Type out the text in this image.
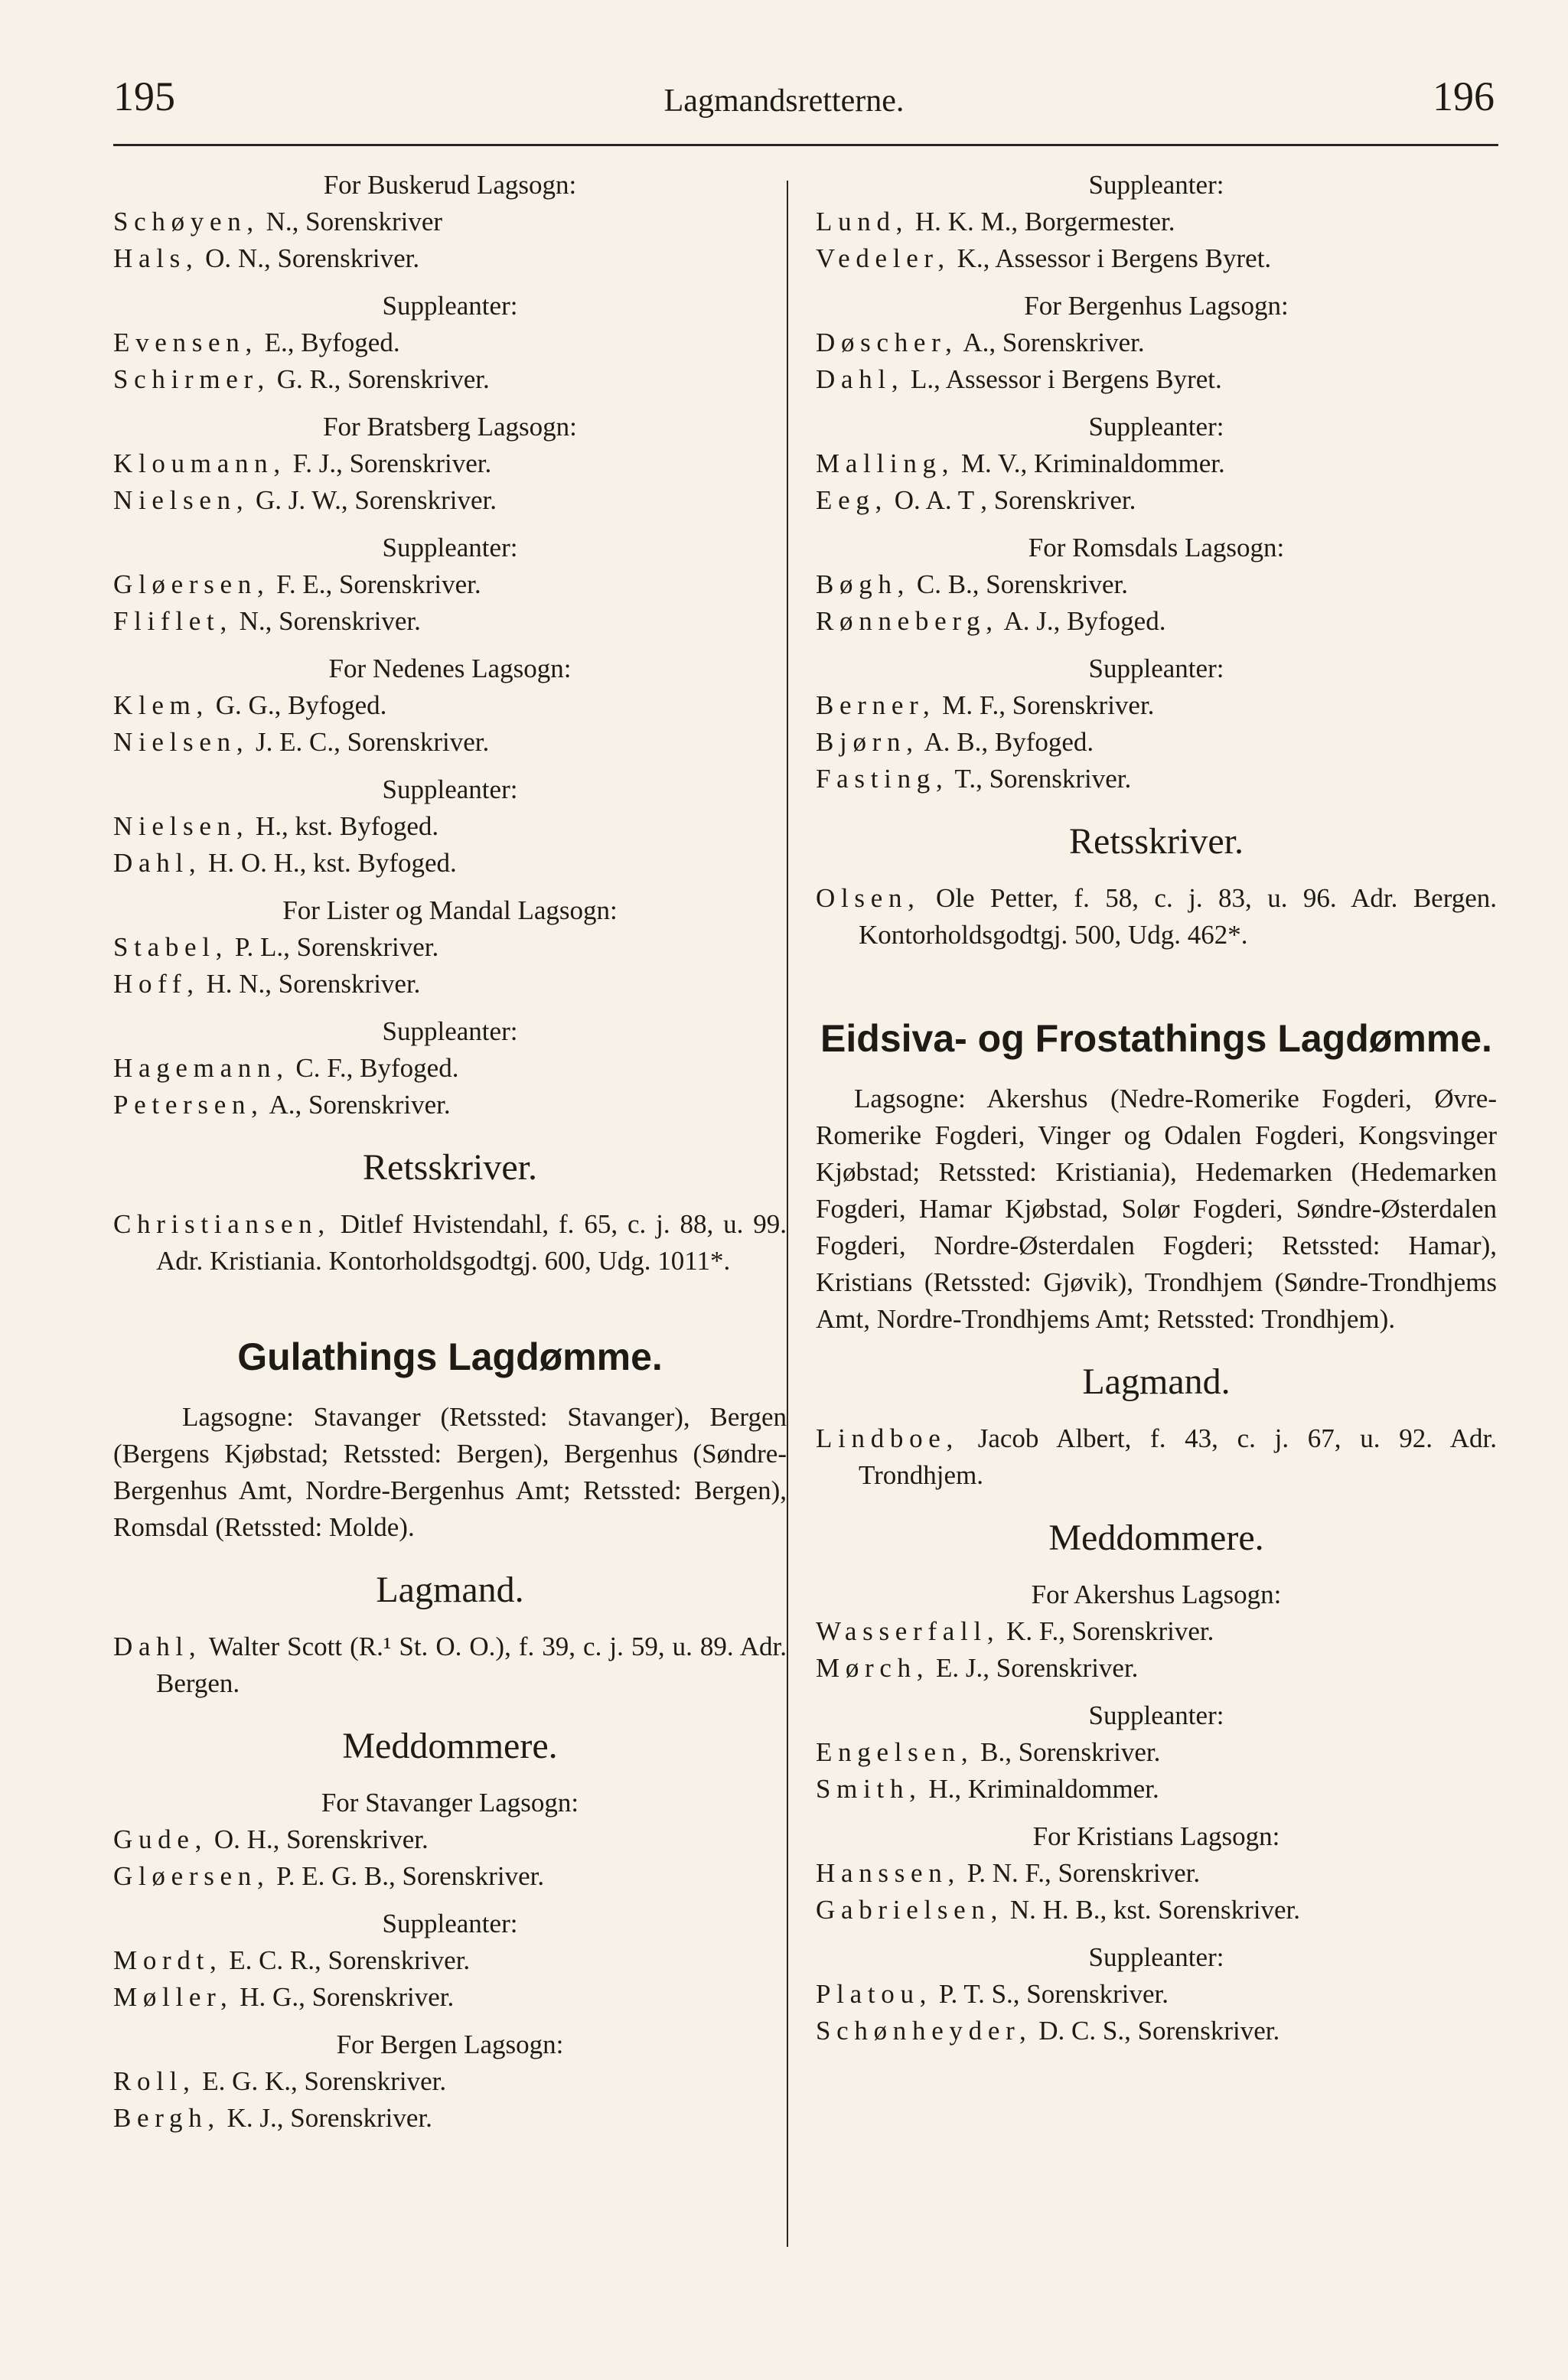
195	Lagmandsretterne.	196

For Buskerud Lagsogn:

Schøyen, N., Sorenskriver

Hals, O. N., Sorenskriver.

Suppleanter:

Evensen, E., Byfoged.

Schirmer, G. R., Sorenskriver.

For Bratsberg Lagsogn:

Kloumann, F. J., Sorenskriver.

Nielsen, G. J. W., Sorenskriver.

Suppleanter:

Gløersen, F. E., Sorenskriver.

Fliflet, N., Sorenskriver.

For Nedenes Lagsogn:

Klem, G. G., Byfoged.

Nielsen, J. E. C., Sorenskriver.

Suppleanter:

Nielsen, H., kst. Byfoged.

Dahl, H. O. H., kst. Byfoged.

For Lister og Mandal Lagsogn:

Stabel, P. L., Sorenskriver.

Hoff, H. N., Sorenskriver.

Suppleanter:

Hagemann, C. F., Byfoged.

Petersen, A., Sorenskriver.

Retsskriver.

Christiansen, Ditlef Hvistendahl, f. 65, c. j. 88, u. 99. Adr. Kristiania. Kontorholdsgodtgj. 600, Udg. 1011*.

Gulathings Lagdømme.

Lagsogne: Stavanger (Retssted: Stavanger), Bergen (Bergens Kjøbstad; Retssted: Bergen), Bergenhus (Søndre-Bergenhus Amt, Nordre-Bergenhus Amt; Retssted: Bergen), Romsdal (Retssted: Molde).

Lagmand.

Dahl, Walter Scott (R.¹ St. O. O.), f. 39, c. j. 59, u. 89. Adr. Bergen.

Meddommere.

For Stavanger Lagsogn:

Gude, O. H., Sorenskriver.

Gløersen, P. E. G. B., Sorenskriver.

Suppleanter:

Mordt, E. C. R., Sorenskriver.

Møller, H. G., Sorenskriver.

For Bergen Lagsogn:

Roll, E. G. K., Sorenskriver.

Bergh, K. J., Sorenskriver.

Suppleanter:

Lund, H. K. M., Borgermester.

Vedeler, K., Assessor i Bergens Byret.

For Bergenhus Lagsogn:

Døscher, A., Sorenskriver.

Dahl, L., Assessor i Bergens Byret.

Suppleanter:

Malling, M. V., Kriminaldommer.

Eeg, O. A. T , Sorenskriver.

For Romsdals Lagsogn:

Bøgh, C. B., Sorenskriver.

Rønneberg, A. J., Byfoged.

Suppleanter:

Berner, M. F., Sorenskriver.

Bjørn, A. B., Byfoged.

Fasting, T., Sorenskriver.

Retsskriver.

Olsen, Ole Petter, f. 58, c. j. 83, u. 96. Adr. Bergen. Kontorholdsgodtgj. 500, Udg. 462*.

Eidsiva- og Frostathings Lagdømme.

Lagsogne: Akershus (Nedre-Romerike Fogderi, Øvre-Romerike Fogderi, Vinger og Odalen Fogderi, Kongsvinger Kjøbstad; Retssted: Kristiania), Hedemarken (Hedemarken Fogderi, Hamar Kjøbstad, Solør Fogderi, Søndre-Østerdalen Fogderi, Nordre-Østerdalen Fogderi; Retssted: Hamar), Kristians (Retssted: Gjøvik), Trondhjem (Søndre-Trondhjems Amt, Nordre-Trondhjems Amt; Retssted: Trondhjem).

Lagmand.

Lindboe, Jacob Albert, f. 43, c. j. 67, u. 92. Adr. Trondhjem.

Meddommere.

For Akershus Lagsogn:

Wasserfall, K. F., Sorenskriver.

Mørch, E. J., Sorenskriver.

Suppleanter:

Engelsen, B., Sorenskriver.

Smith, H., Kriminaldommer.

For Kristians Lagsogn:

Hanssen, P. N. F., Sorenskriver.

Gabrielsen, N. H. B., kst. Sorenskriver.

Suppleanter:

Platou, P. T. S., Sorenskriver.

Schønheyder, D. C. S., Sorenskriver.
